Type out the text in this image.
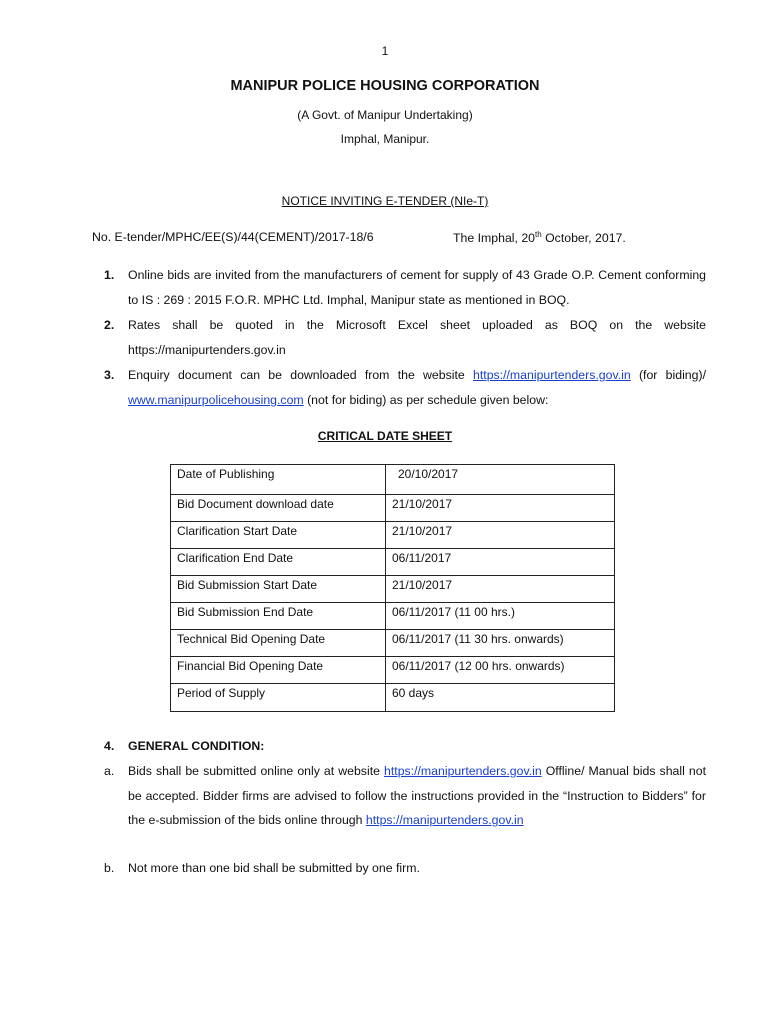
1
MANIPUR POLICE HOUSING CORPORATION
(A Govt. of Manipur Undertaking)
Imphal, Manipur.
NOTICE INVITING E-TENDER (NIe-T)
No. E-tender/MPHC/EE(S)/44(CEMENT)/2017-18/6	The Imphal, 20th October, 2017.
1. Online bids are invited from the manufacturers of cement for supply of 43 Grade O.P. Cement conforming to IS : 269 : 2015 F.O.R. MPHC Ltd. Imphal, Manipur state as mentioned in BOQ.
2. Rates shall be quoted in the Microsoft Excel sheet uploaded as BOQ on the website https://manipurtenders.gov.in
3. Enquiry document can be downloaded from the website https://manipurtenders.gov.in (for biding)/ www.manipurpolicehousing.com (not for biding) as per schedule given below:
CRITICAL DATE SHEET
Date of Publishing	20/10/2017
Bid Document download date	21/10/2017
Clarification Start Date	21/10/2017
Clarification End Date	06/11/2017
Bid Submission Start Date	21/10/2017
Bid Submission End Date	06/11/2017 (11 00 hrs.)
Technical Bid Opening Date	06/11/2017 (11 30 hrs. onwards)
Financial Bid Opening Date	06/11/2017 (12 00 hrs. onwards)
Period of Supply	60 days
4. GENERAL CONDITION:
a. Bids shall be submitted online only at website https://manipurtenders.gov.in Offline/ Manual bids shall not be accepted. Bidder firms are advised to follow the instructions provided in the “Instruction to Bidders” for the e-submission of the bids online through https://manipurtenders.gov.in
b. Not more than one bid shall be submitted by one firm.
